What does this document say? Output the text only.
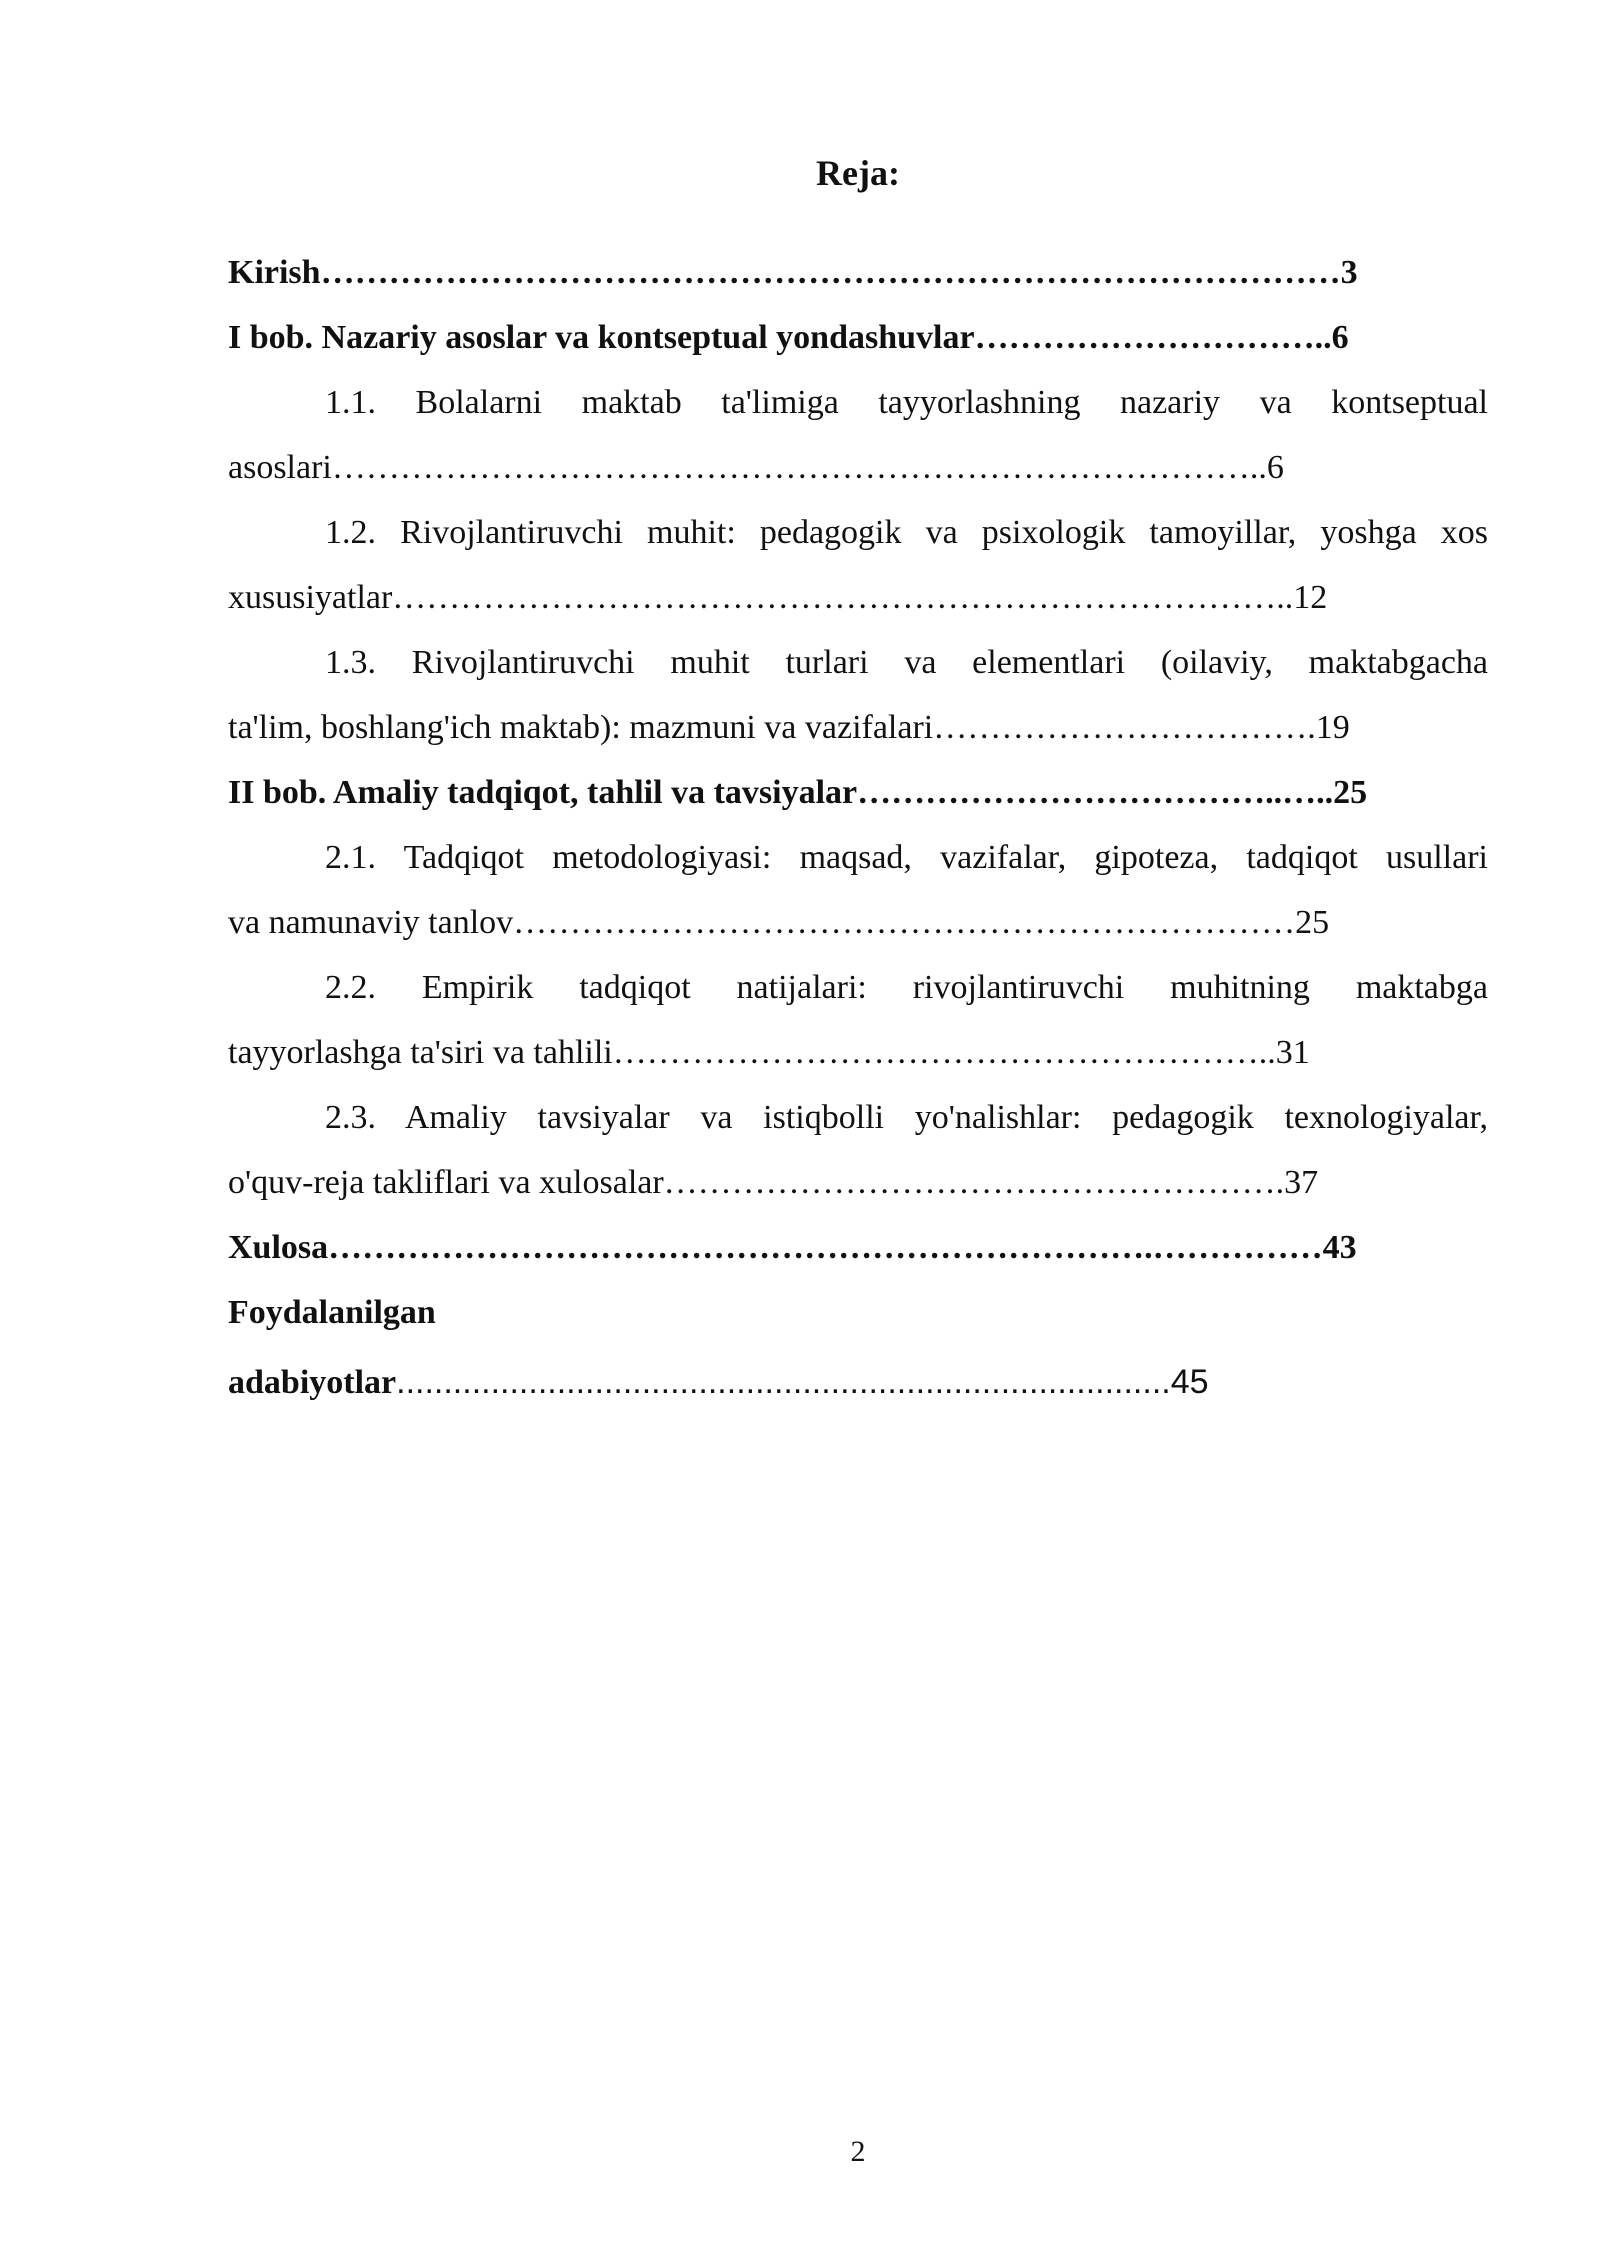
Reja:
Kirish………………………………………………………………………………3
I bob. Nazariy asoslar va kontseptual yondashuvlar…………………………..6
1.1. Bolalarni maktab ta'limiga tayyorlashning nazariy va kontseptual
asoslari………………………………………………………………………..6
1.2. Rivojlantiruvchi muhit: pedagogik va psixologik tamoyillar, yoshga xos
xususiyatlar……………………………………………………………………..12
1.3. Rivojlantiruvchi muhit turlari va elementlari (oilaviy, maktabgacha
ta'lim, boshlang'ich maktab): mazmuni va vazifalari…………………………….19
II bob. Amaliy tadqiqot, tahlil va tavsiyalar………………………………..…..25
2.1. Tadqiqot metodologiyasi: maqsad, vazifalar, gipoteza, tadqiqot usullari
va namunaviy tanlov……………………………………………………………25
2.2. Empirik tadqiqot natijalari: rivojlantiruvchi muhitning maktabga
tayyorlashga ta'siri va tahlili…………………………………………………..31
2.3. Amaliy tavsiyalar va istiqbolli yo'nalishlar: pedagogik texnologiyalar,
o'quv-reja takliflari va xulosalar……………………………………………….37
Xulosa……………………………………………………………….……………43
Foydalanilgan
adabiyotlar..................................................................................45
2
